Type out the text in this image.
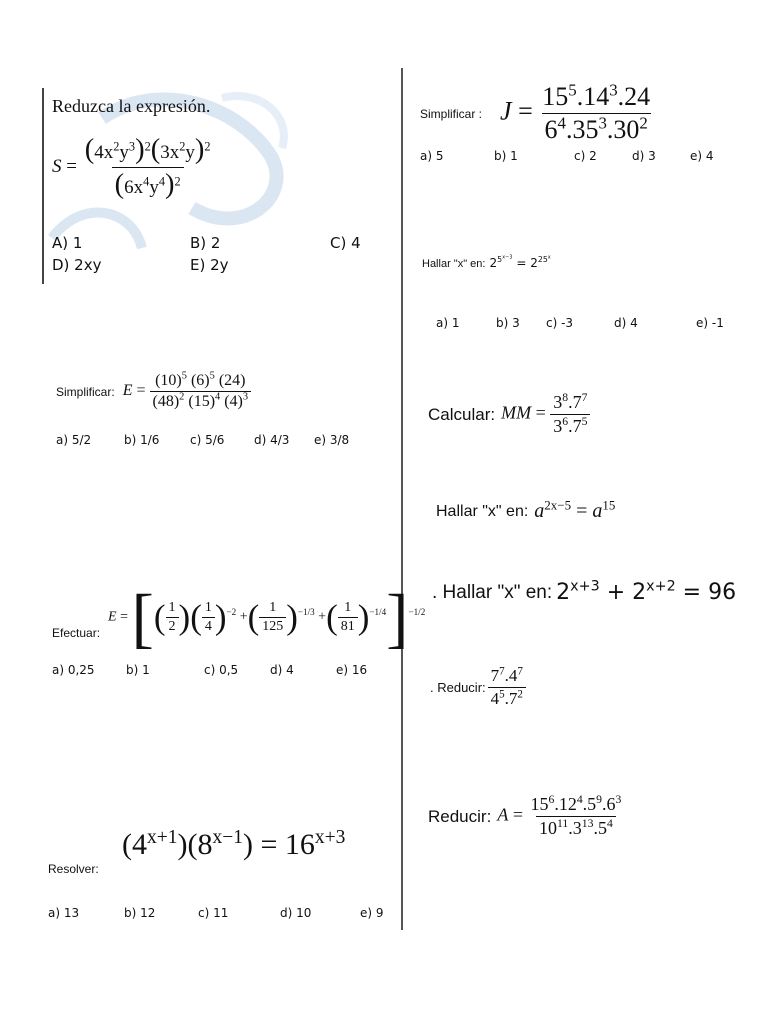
Reduzca la expresión.
$S = \frac{(4x^2y^3)^2(3x^2y)^2}{(6x^4y^4)^2}$
A) 1	B) 2	C) 4
D) 2xy	E) 2y
Simplificar: $E = \frac{(10)^5 (6)^5 (24)}{(48)^2 (15)^4 (4)^3}$
a) 5/2	b) 1/6	c) 5/6	d) 4/3	e) 3/8
Efectuar:
E = [( $\frac{1}{2}$ )( $\frac{1}{4} )^{-2}$ +( $\frac{1}{125} )^{-1/3}$ +( $\frac{1}{81} )^{-1/4}]^{-1/2}$
a) 0,25	b) 1	c) 0,5	d) 4	e) 16
$(4^{x+1})(8^{x-1}) = 16^{x+3}$
Resolver:
a) 13	b) 12	c) 11	d) 10	e) 9
Simplificar : $J = \frac{15^5.14^3.24}{6^4.35^3.30^2}$
a) 5	b) 1	c) 2	d) 3	e) 4
Hallar "x" en: $2^{5^{x-3}} = 2^{25^x}$
a) 1	b) 3	c) -3	d) 4	e) -1
Calcular: MM = $\frac{3^8.7^7}{3^6.7^5}$
Hallar "x" en: $a^{2x-5} = a^{15}$
. Hallar "x" en: $2^{x+3} + 2^{x+2} = 96$
. Reducir: $\frac{7^7.4^7}{4^5.7^2}$
Reducir: $A = \frac{15^6.12^4.5^9.6^3}{10^{11}.3^{13}.5^4}$
